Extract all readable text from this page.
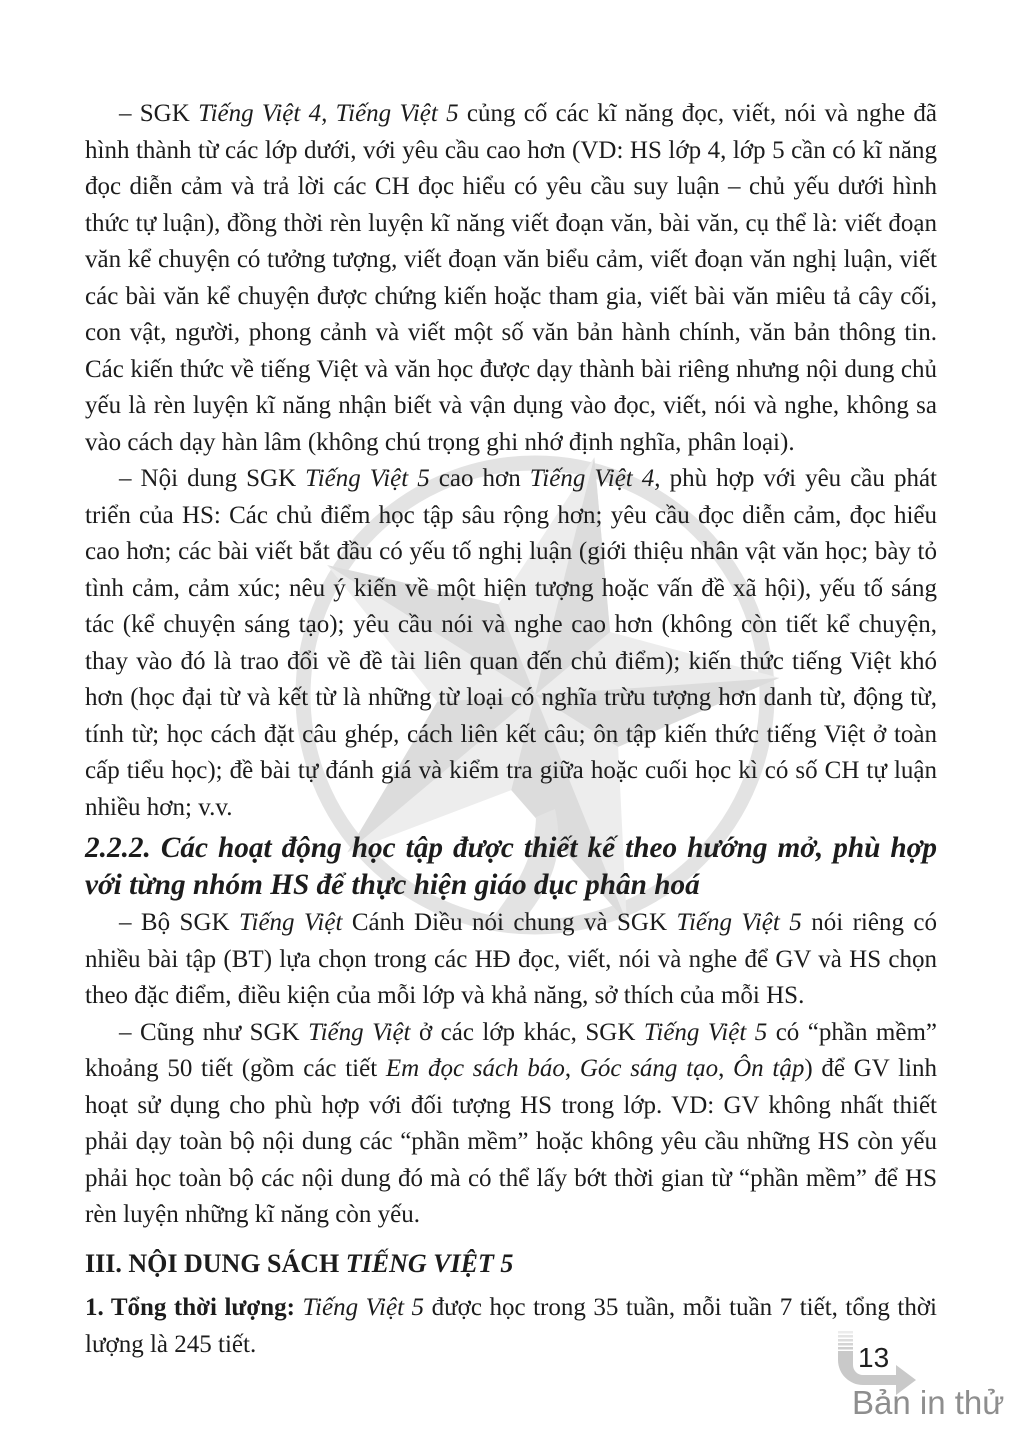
– SGK Tiếng Việt 4, Tiếng Việt 5 củng cố các kĩ năng đọc, viết, nói và nghe đã hình thành từ các lớp dưới, với yêu cầu cao hơn (VD: HS lớp 4, lớp 5 cần có kĩ năng đọc diễn cảm và trả lời các CH đọc hiểu có yêu cầu suy luận – chủ yếu dưới hình thức tự luận), đồng thời rèn luyện kĩ năng viết đoạn văn, bài văn, cụ thể là: viết đoạn văn kể chuyện có tưởng tượng, viết đoạn văn biểu cảm, viết đoạn văn nghị luận, viết các bài văn kể chuyện được chứng kiến hoặc tham gia, viết bài văn miêu tả cây cối, con vật, người, phong cảnh và viết một số văn bản hành chính, văn bản thông tin. Các kiến thức về tiếng Việt và văn học được dạy thành bài riêng nhưng nội dung chủ yếu là rèn luyện kĩ năng nhận biết và vận dụng vào đọc, viết, nói và nghe, không sa vào cách dạy hàn lâm (không chú trọng ghi nhớ định nghĩa, phân loại).

– Nội dung SGK Tiếng Việt 5 cao hơn Tiếng Việt 4, phù hợp với yêu cầu phát triển của HS: Các chủ điểm học tập sâu rộng hơn; yêu cầu đọc diễn cảm, đọc hiểu cao hơn; các bài viết bắt đầu có yếu tố nghị luận (giới thiệu nhân vật văn học; bày tỏ tình cảm, cảm xúc; nêu ý kiến về một hiện tượng hoặc vấn đề xã hội), yếu tố sáng tác (kể chuyện sáng tạo); yêu cầu nói và nghe cao hơn (không còn tiết kể chuyện, thay vào đó là trao đổi về đề tài liên quan đến chủ điểm); kiến thức tiếng Việt khó hơn (học đại từ và kết từ là những từ loại có nghĩa trừu tượng hơn danh từ, động từ, tính từ; học cách đặt câu ghép, cách liên kết câu; ôn tập kiến thức tiếng Việt ở toàn cấp tiểu học); đề bài tự đánh giá và kiểm tra giữa hoặc cuối học kì có số CH tự luận nhiều hơn; v.v.

2.2.2. Các hoạt động học tập được thiết kế theo hướng mở, phù hợp với từng nhóm HS để thực hiện giáo dục phân hoá

– Bộ SGK Tiếng Việt Cánh Diều nói chung và SGK Tiếng Việt 5 nói riêng có nhiều bài tập (BT) lựa chọn trong các HĐ đọc, viết, nói và nghe để GV và HS chọn theo đặc điểm, điều kiện của mỗi lớp và khả năng, sở thích của mỗi HS.

– Cũng như SGK Tiếng Việt ở các lớp khác, SGK Tiếng Việt 5 có “phần mềm” khoảng 50 tiết (gồm các tiết Em đọc sách báo, Góc sáng tạo, Ôn tập) để GV linh hoạt sử dụng cho phù hợp với đối tượng HS trong lớp. VD: GV không nhất thiết phải dạy toàn bộ nội dung các “phần mềm” hoặc không yêu cầu những HS còn yếu phải học toàn bộ các nội dung đó mà có thể lấy bớt thời gian từ “phần mềm” để HS rèn luyện những kĩ năng còn yếu.

III. NỘI DUNG SÁCH TIẾNG VIỆT 5

1. Tổng thời lượng: Tiếng Việt 5 được học trong 35 tuần, mỗi tuần 7 tiết, tổng thời lượng là 245 tiết.	13
Bản in thử
